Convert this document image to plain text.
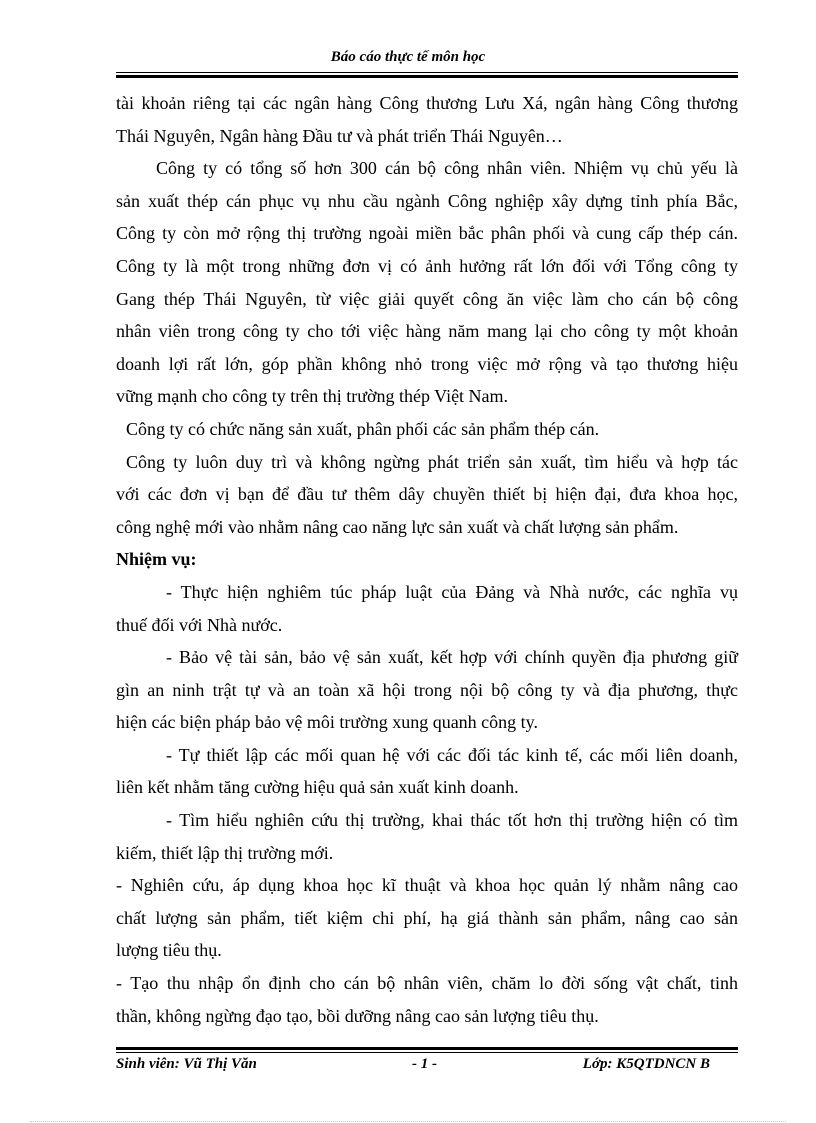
Báo cáo thực tế môn học
tài khoản riêng tại các ngân hàng Công thương Lưu Xá, ngân hàng Công thương
Thái Nguyên, Ngân hàng Đầu tư và phát triển Thái Nguyên…
Công ty có tổng số hơn 300 cán bộ công nhân viên. Nhiệm vụ chủ yếu là
sản xuất thép cán phục vụ nhu cầu ngành Công nghiệp xây dựng tỉnh phía Bắc,
Công ty còn mở rộng thị trường ngoài miền bắc phân phối và cung cấp thép cán.
Công ty là một trong những đơn vị có ảnh hưởng rất lớn đối với Tổng công ty
Gang thép Thái Nguyên, từ việc giải quyết công ăn việc làm cho cán bộ công
nhân viên trong công ty cho tới việc hàng năm mang lại cho công ty một khoản
doanh lợi rất lớn, góp phần không nhỏ trong việc mở rộng và tạo thương hiệu
vững mạnh cho công ty trên thị trường thép Việt Nam.
Công ty có chức năng sản xuất, phân phối các sản phẩm thép cán.
Công ty luôn duy trì và không ngừng phát triển sản xuất, tìm hiểu và hợp tác
với các đơn vị bạn để đầu tư thêm dây chuyền thiết bị hiện đại, đưa khoa học,
công nghệ mới vào nhằm nâng cao năng lực sản xuất và chất lượng sản phẩm.
Nhiệm vụ:
- Thực hiện nghiêm túc pháp luật của Đảng và Nhà nước, các nghĩa vụ
thuế đối với Nhà nước.
- Bảo vệ tài sản, bảo vệ sản xuất, kết hợp với chính quyền địa phương giữ
gìn an ninh trật tự và an toàn xã hội trong nội bộ công ty và địa phương, thực
hiện các biện pháp bảo vệ môi trường xung quanh công ty.
- Tự thiết lập các mối quan hệ với các đối tác kinh tế, các mối liên doanh,
liên kết nhằm tăng cường hiệu quả sản xuất kinh doanh.
- Tìm hiểu nghiên cứu thị trường, khai thác tốt hơn thị trường hiện có tìm
kiếm, thiết lập thị trường mới.
- Nghiên cứu, áp dụng khoa học kĩ thuật và khoa học quản lý nhằm nâng cao
chất lượng sản phẩm, tiết kiệm chi phí, hạ giá thành sản phẩm, nâng cao sản
lượng tiêu thụ.
- Tạo thu nhập ổn định cho cán bộ nhân viên, chăm lo đời sống vật chất, tinh
thần, không ngừng đạo tạo, bồi dưỡng nâng cao sản lượng tiêu thụ.
Sinh viên: Vũ Thị Văn	- 1 -	Lớp: K5QTDNCN B
